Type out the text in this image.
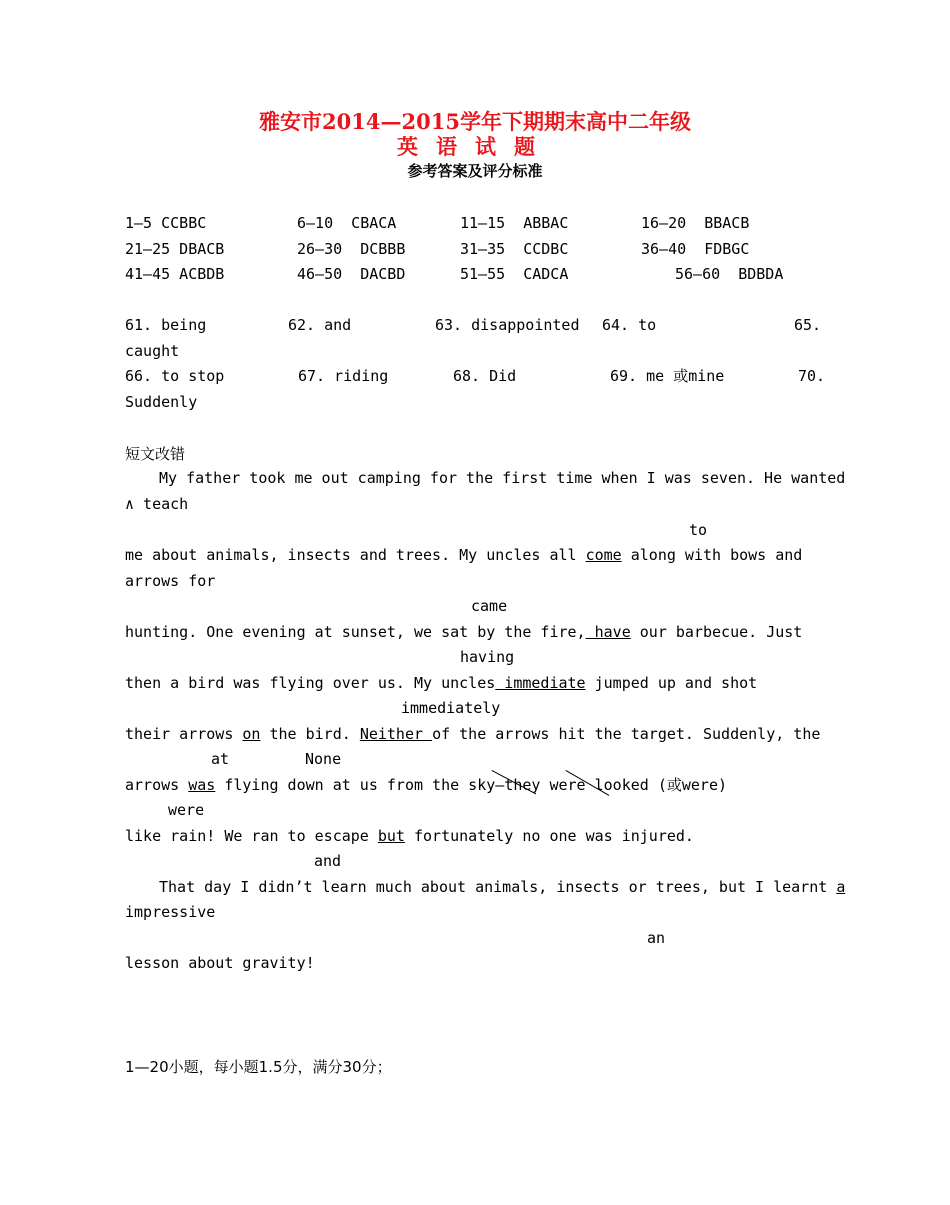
雅安市2014—2015学年下期期末高中二年级
英语试题
参考答案及评分标准
1—5 CCBBC	6—10  CBACA	11—15  ABBAC	16—20  BBACB
21—25 DBACB	26—30  DCBBB	31—35  CCDBC	36—40  FDBGC
41—45 ACBDB	46—50  DACBD	51—55  CADCA	56—60  BDBDA
61. being	62. and	63. disappointed 64. to	65.
caught
66. to stop	67. riding	68. Did	69. me 或mine	70.
Suddenly
短文改错
My father took me out camping for the first time when I was seven. He wanted
∧ teach
to
me about animals, insects and trees. My uncles all come along with bows and
arrows for
came
hunting. One evening at sunset, we sat by the fire, have our barbecue. Just
having
then a bird was flying over us. My uncles immediate jumped up and shot
immediately
their arrows on the bird. Neither of the arrows hit the target. Suddenly, the
at	None
arrows was flying down at us from the sky—they were looked (或were)
were
like rain! We ran to escape but fortunately no one was injured.
and
That day I didn’t learn much about animals, insects or trees, but I learnt a
impressive
an
lesson about gravity!
1—20小题，每小题1.5分，满分30分；
